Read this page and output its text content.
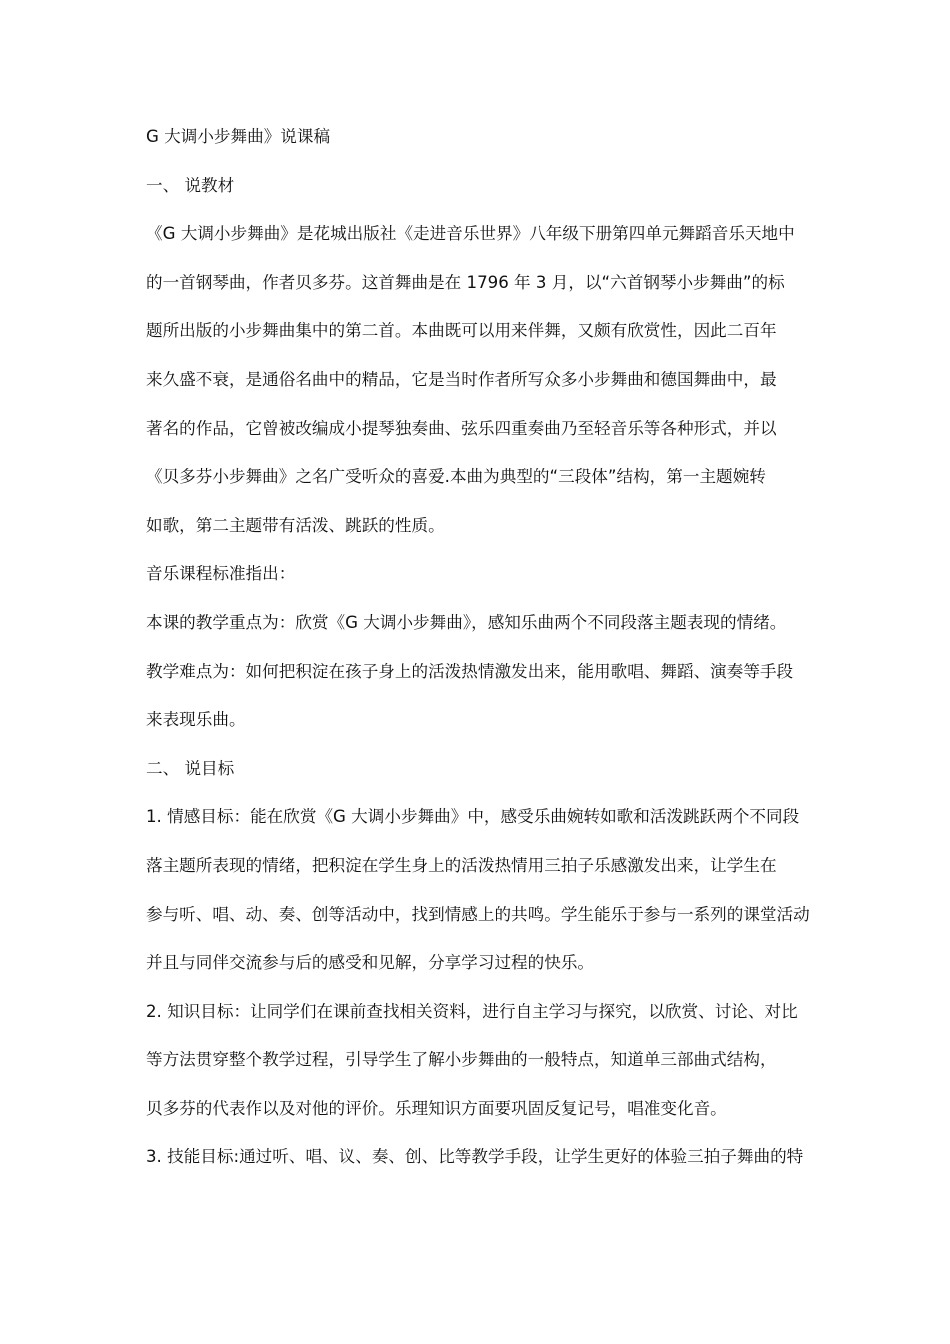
G 大调小步舞曲》说课稿
一、 说教材
《G 大调小步舞曲》是花城出版社《走进音乐世界》八年级下册第四单元舞蹈音乐天地中
的一首钢琴曲，作者贝多芬。这首舞曲是在 1796 年 3 月，以“六首钢琴小步舞曲”的标
题所出版的小步舞曲集中的第二首。本曲既可以用来伴舞，又颇有欣赏性，因此二百年
来久盛不衰，是通俗名曲中的精品，它是当时作者所写众多小步舞曲和德国舞曲中，最
著名的作品，它曾被改编成小提琴独奏曲、弦乐四重奏曲乃至轻音乐等各种形式，并以
《贝多芬小步舞曲》之名广受听众的喜爱.本曲为典型的“三段体”结构，第一主题婉转
如歌，第二主题带有活泼、跳跃的性质。
音乐课程标准指出：
本课的教学重点为：欣赏《G 大调小步舞曲》，感知乐曲两个不同段落主题表现的情绪。
教学难点为：如何把积淀在孩子身上的活泼热情激发出来，能用歌唱、舞蹈、演奏等手段
来表现乐曲。
二、 说目标
1. 情感目标：能在欣赏《G 大调小步舞曲》中，感受乐曲婉转如歌和活泼跳跃两个不同段
落主题所表现的情绪，把积淀在学生身上的活泼热情用三拍子乐感激发出来，让学生在
参与听、唱、动、奏、创等活动中，找到情感上的共鸣。学生能乐于参与一系列的课堂活动
并且与同伴交流参与后的感受和见解，分享学习过程的快乐。
2. 知识目标：让同学们在课前查找相关资料，进行自主学习与探究，以欣赏、讨论、对比
等方法贯穿整个教学过程，引导学生了解小步舞曲的一般特点，知道单三部曲式结构，
贝多芬的代表作以及对他的评价。乐理知识方面要巩固反复记号，唱准变化音。
3. 技能目标:通过听、唱、议、奏、创、比等教学手段，让学生更好的体验三拍子舞曲的特
